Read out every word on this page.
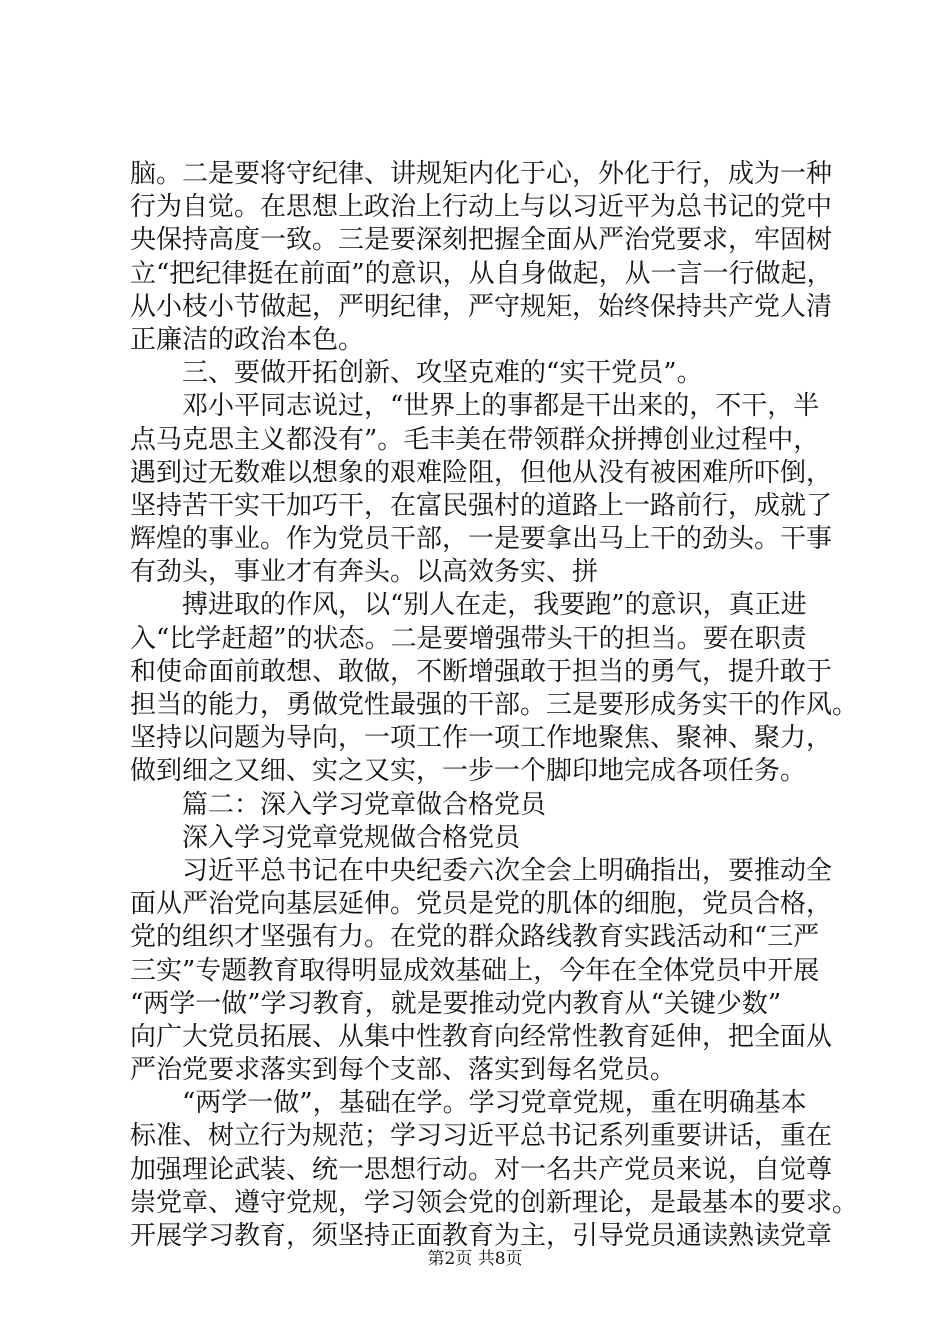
脑。二是要将守纪律、讲规矩内化于心，外化于行，成为一种
行为自觉。在思想上政治上行动上与以习近平为总书记的党中
央保持高度一致。三是要深刻把握全面从严治党要求，牢固树
立“把纪律挺在前面”的意识，从自身做起，从一言一行做起，
从小枝小节做起，严明纪律，严守规矩，始终保持共产党人清
正廉洁的政治本色。
三、要做开拓创新、攻坚克难的“实干党员”。
邓小平同志说过，“世界上的事都是干出来的，不干，半
点马克思主义都没有”。毛丰美在带领群众拼搏创业过程中，
遇到过无数难以想象的艰难险阻，但他从没有被困难所吓倒，
坚持苦干实干加巧干，在富民强村的道路上一路前行，成就了
辉煌的事业。作为党员干部，一是要拿出马上干的劲头。干事
有劲头，事业才有奔头。以高效务实、拼
搏进取的作风，以“别人在走，我要跑”的意识，真正进
入“比学赶超”的状态。二是要增强带头干的担当。要在职责
和使命面前敢想、敢做，不断增强敢于担当的勇气，提升敢于
担当的能力，勇做党性最强的干部。三是要形成务实干的作风。
坚持以问题为导向，一项工作一项工作地聚焦、聚神、聚力，
做到细之又细、实之又实，一步一个脚印地完成各项任务。
篇二：深入学习党章做合格党员
深入学习党章党规做合格党员
习近平总书记在中央纪委六次全会上明确指出，要推动全
面从严治党向基层延伸。党员是党的肌体的细胞，党员合格，
党的组织才坚强有力。在党的群众路线教育实践活动和“三严
三实”专题教育取得明显成效基础上，今年在全体党员中开展
“两学一做”学习教育，就是要推动党内教育从“关键少数”
向广大党员拓展、从集中性教育向经常性教育延伸，把全面从
严治党要求落实到每个支部、落实到每名党员。
“两学一做”，基础在学。学习党章党规，重在明确基本
标准、树立行为规范；学习习近平总书记系列重要讲话，重在
加强理论武装、统一思想行动。对一名共产党员来说，自觉尊
崇党章、遵守党规，学习领会党的创新理论，是最基本的要求。
开展学习教育，须坚持正面教育为主，引导党员通读熟读党章
第2页 共8页
